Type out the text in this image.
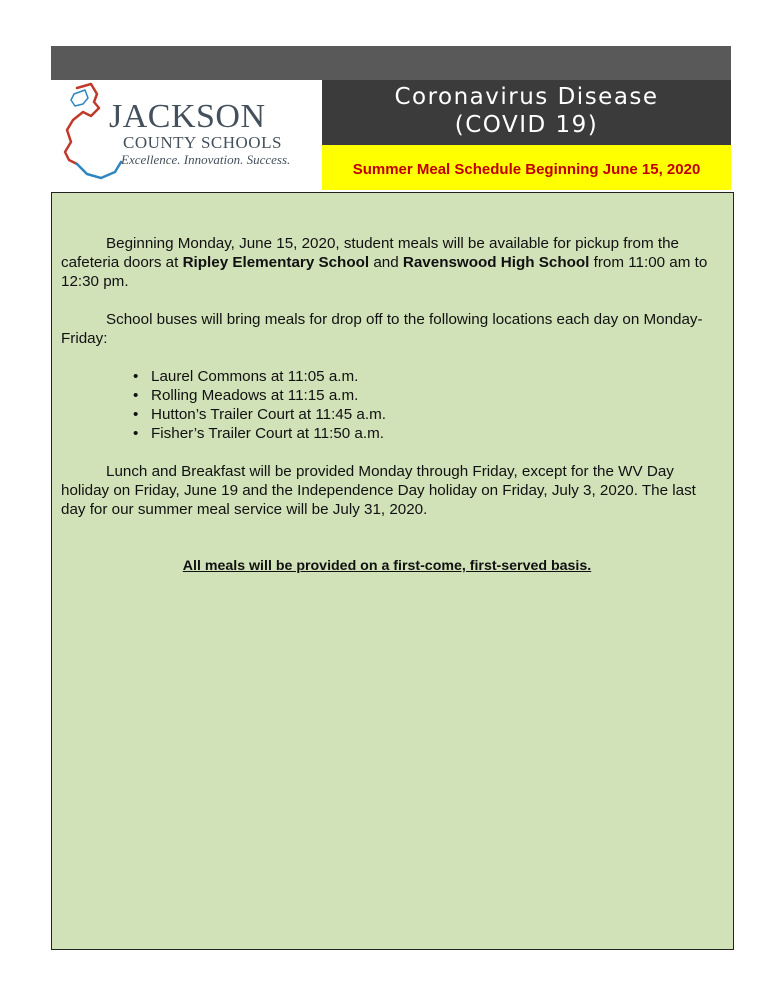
JACKSON
COUNTY SCHOOLS
Excellence. Innovation. Success.
Coronavirus Disease
(COVID 19)
Summer Meal Schedule Beginning June 15, 2020

Beginning Monday, June 15, 2020, student meals will be available for pickup from the cafeteria doors at Ripley Elementary School and Ravenswood High School from 11:00 am to 12:30 pm.

School buses will bring meals for drop off to the following locations each day on Monday-Friday:

• Laurel Commons at 11:05 a.m.
• Rolling Meadows at 11:15 a.m.
• Hutton’s Trailer Court at 11:45 a.m.
• Fisher’s Trailer Court at 11:50 a.m.

Lunch and Breakfast will be provided Monday through Friday, except for the WV Day holiday on Friday, June 19 and the Independence Day holiday on Friday, July 3, 2020. The last day for our summer meal service will be July 31, 2020.

All meals will be provided on a first-come, first-served basis.
